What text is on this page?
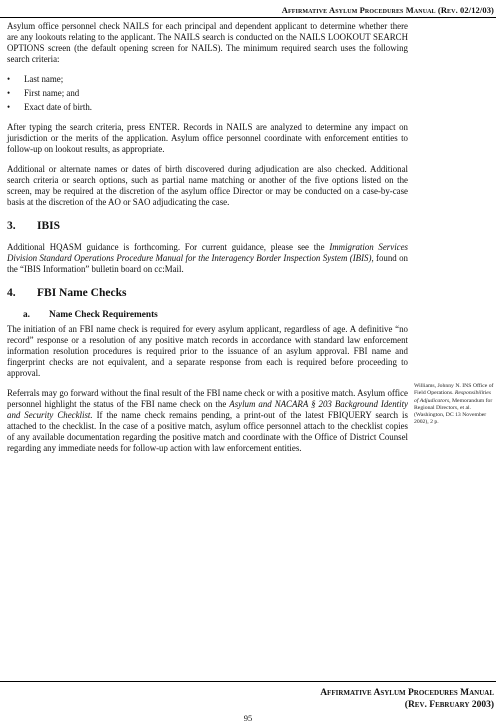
Affirmative Asylum Procedures Manual (Rev. 02/12/03)

Asylum office personnel check NAILS for each principal and dependent applicant to determine whether there are any lookouts relating to the applicant. The NAILS search is conducted on the NAILS LOOKOUT SEARCH OPTIONS screen (the default opening screen for NAILS). The minimum required search uses the following search criteria:

• Last name;
• First name; and
• Exact date of birth.

After typing the search criteria, press ENTER. Records in NAILS are analyzed to determine any impact on jurisdiction or the merits of the application. Asylum office personnel coordinate with enforcement entities to follow-up on lookout results, as appropriate.

Additional or alternate names or dates of birth discovered during adjudication are also checked. Additional search criteria or search options, such as partial name matching or another of the five options listed on the screen, may be required at the discretion of the asylum office Director or may be conducted on a case-by-case basis at the discretion of the AO or SAO adjudicating the case.

3. IBIS

Additional HQASM guidance is forthcoming. For current guidance, please see the Immigration Services Division Standard Operations Procedure Manual for the Interagency Border Inspection System (IBIS), found on the “IBIS Information” bulletin board on cc:Mail.

4. FBI Name Checks
a. Name Check Requirements

The initiation of an FBI name check is required for every asylum applicant, regardless of age. A definitive “no record” response or a resolution of any positive match records in accordance with standard law enforcement information resolution procedures is required prior to the issuance of an asylum approval. FBI name and fingerprint checks are not equivalent, and a separate response from each is required before proceeding to approval.

Referrals may go forward without the final result of the FBI name check or with a positive match. Asylum office personnel highlight the status of the FBI name check on the Asylum and NACARA § 203 Background Identity and Security Checklist. If the name check remains pending, a print-out of the latest FBIQUERY search is attached to the checklist. In the case of a positive match, asylum office personnel attach to the checklist copies of any available documentation regarding the positive match and coordinate with the Office of District Counsel regarding any immediate needs for follow-up action with law enforcement entities.

Williams, Johnny N. INS Office of Field Operations. Responsibilities of Adjudicators, Memorandum for Regional Directors, et al. (Washington, DC 13 November 2002), 2 p.
Affirmative Asylum Procedures Manual
(Rev. February 2003)
95
